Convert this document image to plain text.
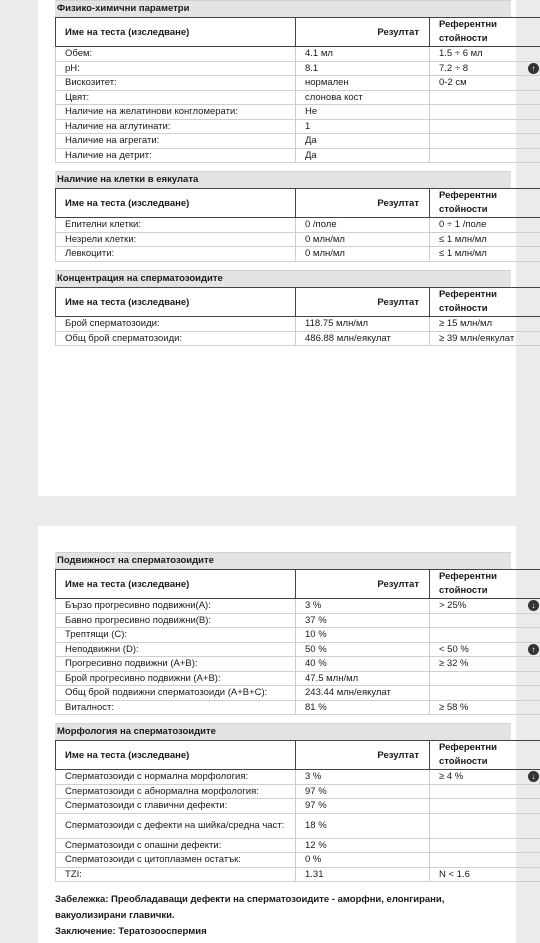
Физико-химични параметри
Име на теста (изследване)	Резултат	Референтни
стойности

Обем:	4.1 мл	1.5 ÷ 6 мл
pH:	8.1	7.2 ÷ 8 ↑

Вискозитет:	нормален	0-2 см
Цвят:	слонова кост	
Наличие на желатинови конгломерати:	Не	
Наличие на аглутинати:	1	
Наличие на агрегати:	Да	
Наличие на детрит:	Да	
Наличие на клетки в еякулата
Име на теста (изследване)	Резултат	Референтни
стойности

Епителни клетки:	0 /поле	0 ÷ 1 /поле
Незрели клетки:	0 млн/мл	≤ 1 млн/мл
Левкоцити:	0 млн/мл	≤ 1 млн/мл
Концентрация на сперматозоидите
Име на теста (изследване)	Резултат	Референтни
стойности

Брой сперматозоиди:	118.75 млн/мл	≥ 15 млн/мл
Общ брой сперматозоиди:	486.88 млн/еякулат	≥ 39 млн/еякулат
Подвижност на сперматозоидите
Име на теста (изследване)	Резултат	Референтни
стойности

Бързо прогресивно подвижни(A):	3 %	> 25% ↓

Бавно прогресивно подвижни(B):	37 %	
Трептящи (C):	10 %	
Неподвижни (D):	50 %	< 50 % ↑

Прогресивно подвижни (A+B):	40 %	≥ 32 %
Брой прогресивно подвижни (A+B):	47.5 млн/мл	
Общ брой подвижни сперматозоиди (A+B+C):	243.44 млн/еякулат	
Виталност:	81 %	≥ 58 %
Морфология на сперматозоидите
Име на теста (изследване)	Резултат	Референтни
стойности

Сперматозоиди с нормална морфология:	3 %	≥ 4 % ↓

Сперматозоиди с абнормална морфология:	97 %	
Сперматозоиди с главични дефекти:	97 %	
Сперматозоиди с дефекти на шийка/средна част:	18 %	
Сперматозоиди с опашни дефекти:	12 %	
Сперматозоиди с цитоплазмен остатък:	0 %	
TZI:	1.31	N < 1.6
Забележка: Преобладаващи дефекти на сперматозоидите - аморфни, елонгирани, вакуолизирани главички.
Заключение: Тератозооспермия
